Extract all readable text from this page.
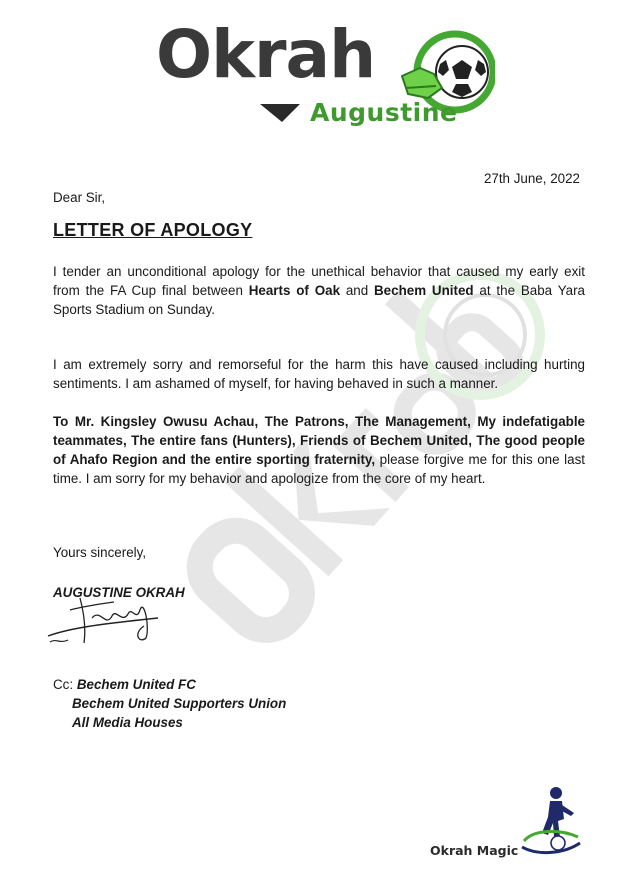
Okrah
Augustine
27th June, 2022
Dear Sir,
LETTER OF APOLOGY
I tender an unconditional apology for the unethical behavior that caused my early exit from the FA Cup final between Hearts of Oak and Bechem United at the Baba Yara Sports Stadium on Sunday.
I am extremely sorry and remorseful for the harm this have caused including hurting sentiments. I am ashamed of myself, for having behaved in such a manner.
To Mr. Kingsley Owusu Achau, The Patrons, The Management, My indefatigable teammates, The entire fans (Hunters), Friends of Bechem United, The good people of Ahafo Region and the entire sporting fraternity, please forgive me for this one last time. I am sorry for my behavior and apologize from the core of my heart.
Yours sincerely,
AUGUSTINE OKRAH
Cc: Bechem United FC
Bechem United Supporters Union
All Media Houses
Okrah Magic
